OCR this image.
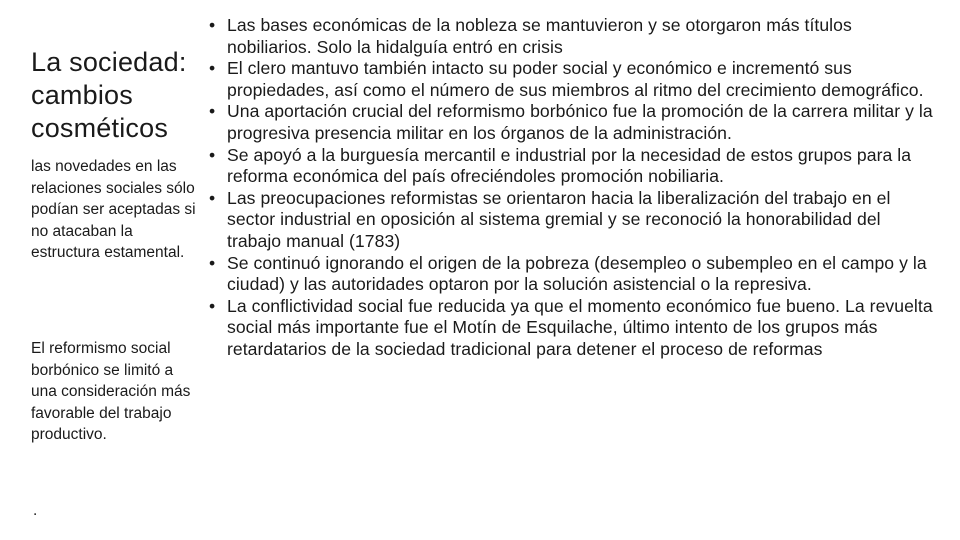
La sociedad:
cambios
cosméticos

las novedades en las relaciones sociales sólo podían ser aceptadas si no atacaban la estructura estamental.

El reformismo social borbónico se limitó a una consideración más favorable del trabajo productivo.

.
• Las bases económicas de la nobleza se mantuvieron y se otorgaron más títulos nobiliarios. Solo la hidalguía entró en crisis
• El clero mantuvo también intacto su poder social y económico e incrementó sus propiedades, así como el número de sus miembros al ritmo del crecimiento demográfico.
• Una aportación crucial del reformismo borbónico fue la promoción de la carrera militar y la progresiva presencia militar en los órganos de la administración.
• Se apoyó a la burguesía mercantil e industrial por la necesidad de estos grupos para la reforma económica del país ofreciéndoles promoción nobiliaria.
• Las preocupaciones reformistas se orientaron hacia la liberalización del trabajo en el sector industrial en oposición al sistema gremial y se reconoció la honorabilidad del trabajo manual (1783)
• Se continuó ignorando el origen de la pobreza (desempleo o subempleo en el campo y la ciudad) y las autoridades optaron por la solución asistencial o la represiva.
• La conflictividad social fue reducida ya que el momento económico fue bueno. La revuelta social más importante fue el Motín de Esquilache, último intento de los grupos más retardatarios de la sociedad tradicional para detener el proceso de reformas
